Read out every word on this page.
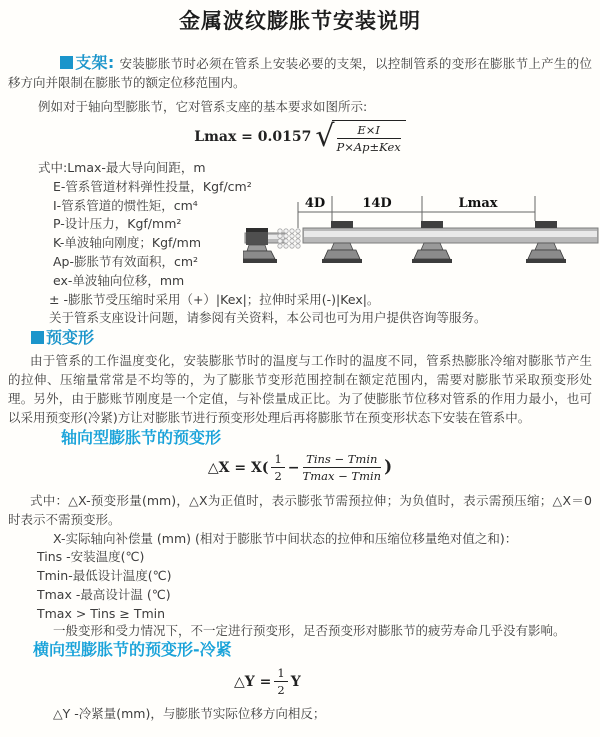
金属波纹膨胀节安装说明

支架: 安装膨胀节时必须在管系上安装必要的支架，以控制管系的变形在膨胀节上产生的位移方向并限制在膨胀节的额定位移范围内。

例如对于轴向型膨胀节，它对管系支座的基本要求如图所示:

Lmax = 0.0157 √ $\frac{E\times I}{\text{P×Ap±Kex}}$
式中:Lmax-最大导向间距，m
E-管系管道材料弹性投量，Kgf/cm²
I-管系管道的惯性矩，cm⁴
P-设计压力，Kgf/mm²
K-单波轴向刚度；Kgf/mm
Ap-膨胀节有效面积，cm²
ex-单波轴向位移，mm
4D	14D	Lmax

± -膨胀节受压缩时采用（+）|Kex|；拉伸时采用(-)|Kex|。

关于管系支座设计问题，请参阅有关资料，本公司也可为用户提供咨询等服务。

预变形

由于管系的工作温度变化，安装膨胀节时的温度与工作时的温度不同，管系热膨胀冷缩对膨胀节产生的拉伸、压缩量常常是不均等的，为了膨胀节变形范围控制在额定范围内，需要对膨胀节采取预变形处理。另外，由于膨账节刚度是一个定值，与补偿量成正比。为了使膨胀节位移对管系的作用力最小，也可以采用预变形(冷紧)方让对膨胀节进行预变形处理后再将膨胀节在预变形状态下安装在管系中。

轴向型膨胀节的预变形
△X = $X( \frac{1}{2} - \frac{\text{Tins − Tmin}}{Tmax - Tmin}$ )

式中：△X-预变形量(mm)，△X为正值时，表示膨张节需预拉伸；为负值时，表示需预压缩；△X＝0时表示不需预变形。

X-实际轴向补偿量 (mm) (相对于膨胀节中间状态的拉伸和压缩位移量绝对值之和)：

Tins -安装温度(℃)
Tmin-最低设计温度(℃)
Tmax -最高设计温 (℃)
Tmax > Tins ≥ Tmin

一般变形和受力情况下，不一定进行预变形，足否预变形对膨胀节的疲劳寿命几乎没有影响。

横向型膨胀节的预变形-冷紧
△Y = $\frac{1}{2}$ Y

△Y -冷紧量(mm)，与膨胀节实际位移方向相反；
